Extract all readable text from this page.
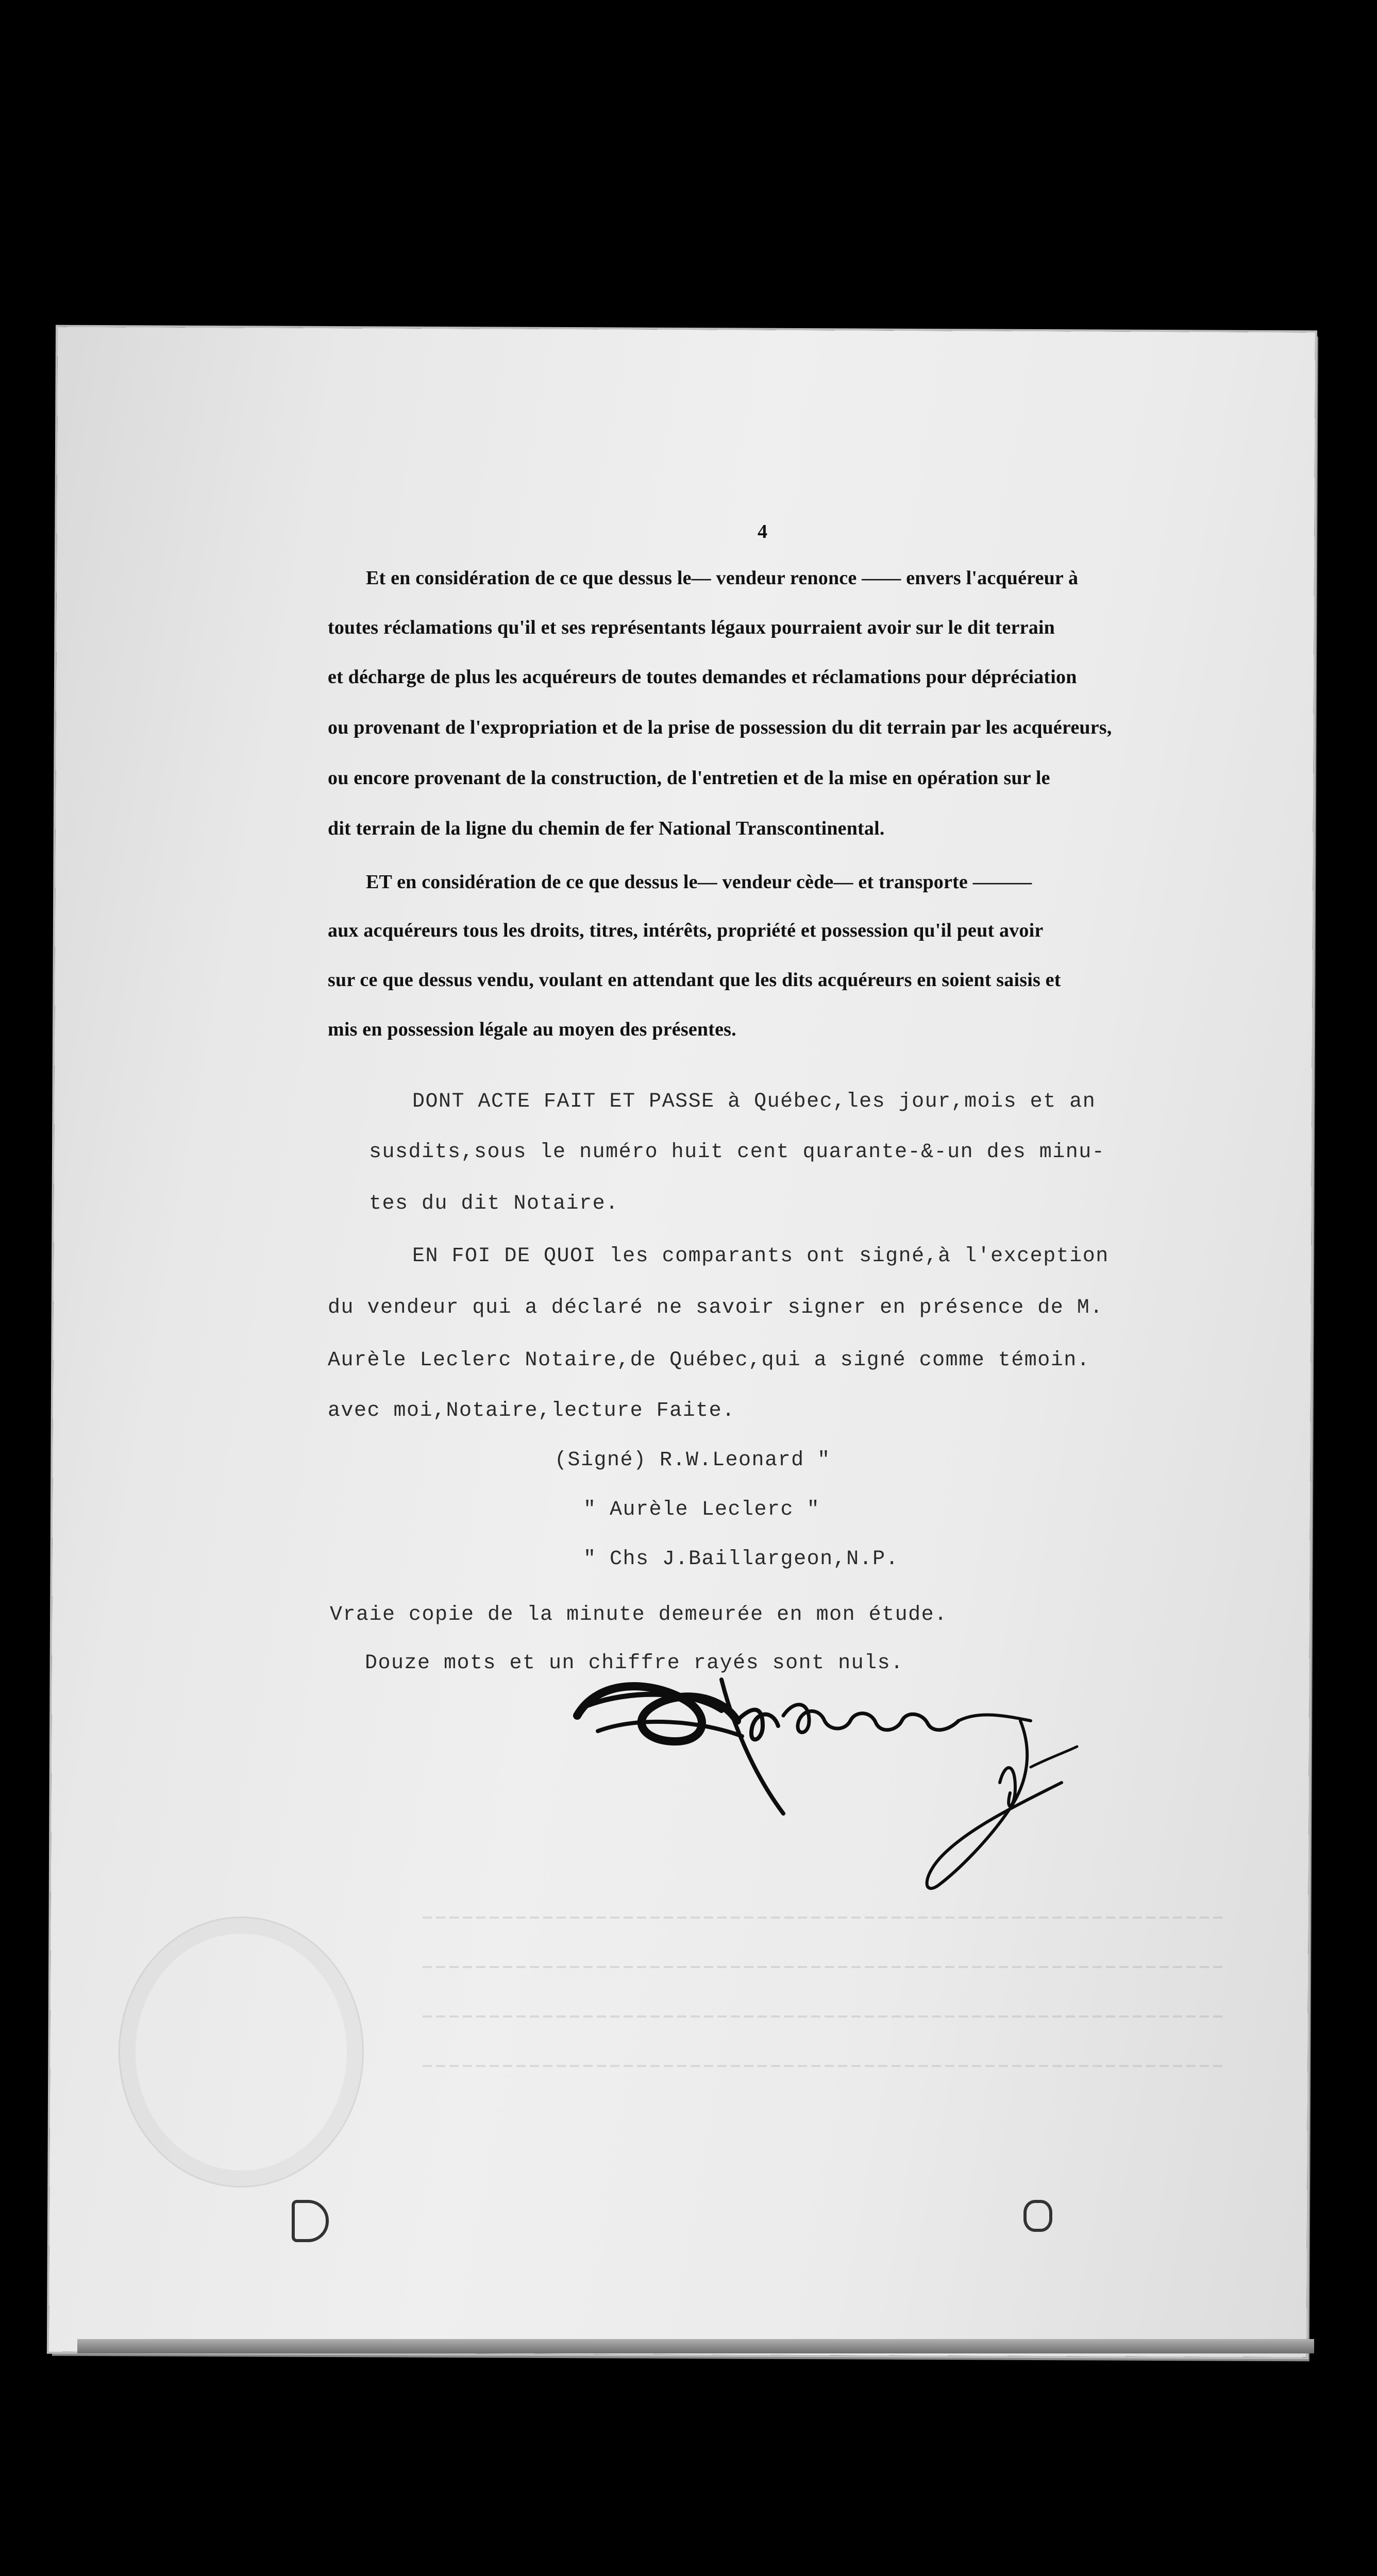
4
Et en considération de ce que dessus le— vendeur renonce —— envers l'acquéreur à
toutes réclamations qu'il et ses représentants légaux pourraient avoir sur le dit terrain
et décharge de plus les acquéreurs de toutes demandes et réclamations pour dépréciation
ou provenant de l'expropriation et de la prise de possession du dit terrain par les acquéreurs,
ou encore provenant de la construction, de l'entretien et de la mise en opération sur le
dit terrain de la ligne du chemin de fer National Transcontinental.
ET en considération de ce que dessus le— vendeur cède— et transporte ———
aux acquéreurs tous les droits, titres, intérêts, propriété et possession qu'il peut avoir
sur ce que dessus vendu, voulant en attendant que les dits acquéreurs en soient saisis et
mis en possession légale au moyen des présentes.
DONT ACTE FAIT ET PASSE à Québec,les jour,mois et an
susdits,sous le numéro huit cent quarante-&-un des minu-
tes du dit Notaire.
EN FOI DE QUOI les comparants ont signé,à l'exception
du vendeur qui a déclaré ne savoir signer en présence de M.
Aurèle Leclerc Notaire,de Québec,qui a signé comme témoin.
avec moi,Notaire,lecture Faite.
(Signé) R.W.Leonard "
" Aurèle Leclerc "
" Chs J.Baillargeon,N.P.
Vraie copie de la minute demeurée en mon étude.
Douze mots et un chiffre rayés sont nuls.
